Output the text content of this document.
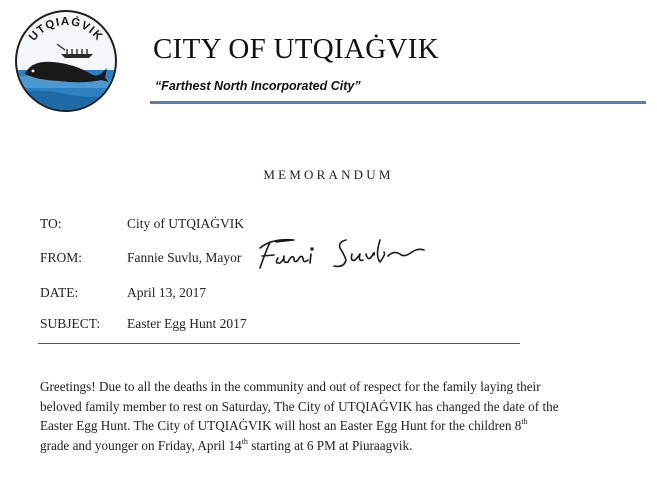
UTQIAĠVIK CITY OF UTQIAĠVIK
“Farthest North Incorporated City”
MEMORANDUM
TO:	City of UTQIAĠVIK
FROM:	Fannie Suvlu, Mayor
DATE:	April 13, 2017
SUBJECT: Easter Egg Hunt 2017

Greetings! Due to all the deaths in the community and out of respect for the family laying their

beloved family member to rest on Saturday, The City of UTQIAĠVIK has changed the date of the

Easter Egg Hunt. The City of UTQIAĠVIK will host an Easter Egg Hunt for the children 8th

grade and younger on Friday, April 14th starting at 6 PM at Piuraagvik.
